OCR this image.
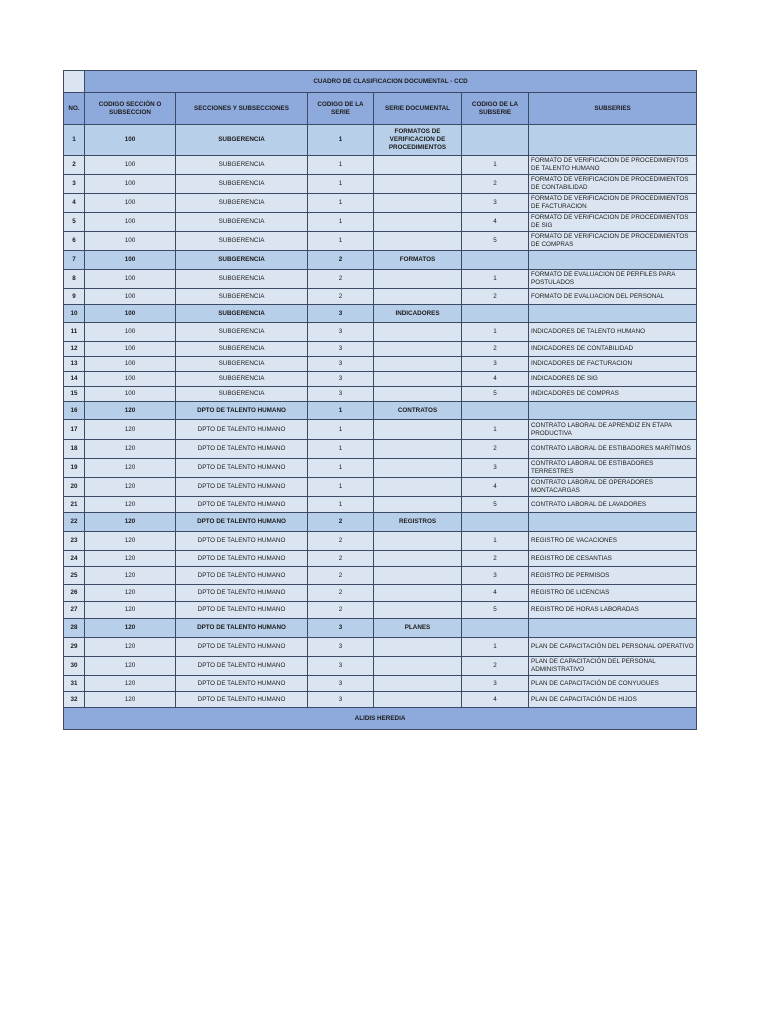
	CUADRO DE CLASIFICACION DOCUMENTAL - CCD					
NO.	CODIGO SECCIÓN O SUBSECCION	SECCIONES Y SUBSECCIONES	CODIGO DE LA SERIE	SERIE DOCUMENTAL	CODIGO DE LA SUBSERIE	SUBSERIES
1	100	SUBGERENCIA	1	FORMATOS DE VERIFICACION DE PROCEDIMIENTOS		
2	100	SUBGERENCIA	1		1	FORMATO DE VERIFICACION DE PROCEDIMIENTOS DE TALENTO HUMANO
3	100	SUBGERENCIA	1		2	FORMATO DE VERIFICACION DE PROCEDIMIENTOS DE CONTABILIDAD
4	100	SUBGERENCIA	1		3	FORMATO DE VERIFICACION DE PROCEDIMIENTOS DE FACTURACION
5	100	SUBGERENCIA	1		4	FORMATO DE VERIFICACION DE PROCEDIMIENTOS DE SIG
6	100	SUBGERENCIA	1		5	FORMATO DE VERIFICACION DE PROCEDIMIENTOS DE COMPRAS
7	100	SUBGERENCIA	2	FORMATOS		
8	100	SUBGERENCIA	2		1	FORMATO DE EVALUACION DE PERFILES PARA POSTULADOS
9	100	SUBGERENCIA	2		2	FORMATO DE EVALUACION DEL PERSONAL
10	100	SUBGERENCIA	3	INDICADORES		
11	100	SUBGERENCIA	3		1	INDICADORES DE TALENTO HUMANO
12	100	SUBGERENCIA	3		2	INDICADORES DE CONTABILIDAD
13	100	SUBGERENCIA	3		3	INDICADORES DE FACTURACION
14	100	SUBGERENCIA	3		4	INDICADORES DE SIG
15	100	SUBGERENCIA	3		5	INDICADORES DE COMPRAS
16	120	DPTO DE TALENTO HUMANO	1	CONTRATOS		
17	120	DPTO DE TALENTO HUMANO	1		1	CONTRATO LABORAL DE APRENDIZ EN ETAPA PRODUCTIVA
18	120	DPTO DE TALENTO HUMANO	1		2	CONTRATO LABORAL DE ESTIBADORES MARÍTIMOS
19	120	DPTO DE TALENTO HUMANO	1		3	CONTRATO LABORAL DE ESTIBADORES TERRESTRES
20	120	DPTO DE TALENTO HUMANO	1		4	CONTRATO LABORAL DE OPERADORES MONTACARGAS
21	120	DPTO DE TALENTO HUMANO	1		5	CONTRATO LABORAL DE LAVADORES
22	120	DPTO DE TALENTO HUMANO	2	REGISTROS		
23	120	DPTO DE TALENTO HUMANO	2		1	REGISTRO DE VACACIONES
24	120	DPTO DE TALENTO HUMANO	2		2	REGISTRO DE CESANTIAS
25	120	DPTO DE TALENTO HUMANO	2		3	REGISTRO DE PERMISOS
26	120	DPTO DE TALENTO HUMANO	2		4	REGISTRO DE LICENCIAS
27	120	DPTO DE TALENTO HUMANO	2		5	REGISTRO DE HORAS LABORADAS
28	120	DPTO DE TALENTO HUMANO	3	PLANES		
29	120	DPTO DE TALENTO HUMANO	3		1	PLAN DE CAPACITACIÓN DEL PERSONAL OPERATIVO
30	120	DPTO DE TALENTO HUMANO	3		2	PLAN DE CAPACITACIÓN DEL PERSONAL ADMINISTRATIVO
31	120	DPTO DE TALENTO HUMANO	3		3	PLAN DE CAPACITACIÓN DE CONYUGUES
32	120	DPTO DE TALENTO HUMANO	3		4	PLAN DE CAPACITACIÓN DE HIJOS
ALIDIS HEREDIA						
